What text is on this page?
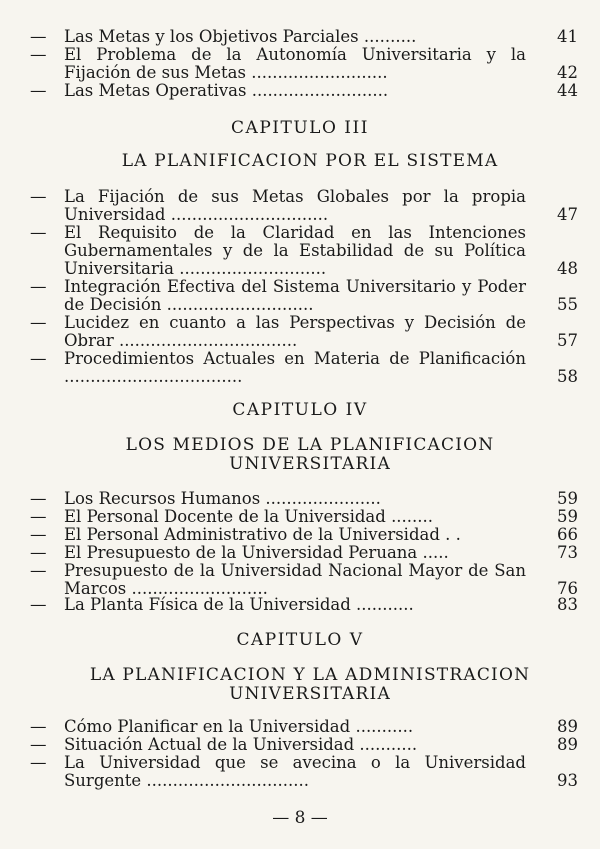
— Las Metas y los Objetivos Parciales ..........	41
— El Problema de la Autonomía Universitaria y la Fijación de sus Metas ..........................	42
— Las Metas Operativas ..........................	44
CAPITULO III
LA PLANIFICACION POR EL SISTEMA
— La Fijación de sus Metas Globales por la propia Universidad ..............................	47
— El Requisito de la Claridad en las Intenciones Gubernamentales y de la Estabilidad de su Política Universitaria ............................	48
— Integración Efectiva del Sistema Universitario y Poder de Decisión ............................	55
— Lucidez en cuanto a las Perspectivas y Decisión de Obrar ..................................	57
— Procedimientos Actuales en Materia de Planificación ..................................	58
CAPITULO IV
LOS MEDIOS DE LA PLANIFICACION
UNIVERSITARIA
— Los Recursos Humanos ......................	59
— El Personal Docente de la Universidad ........	59
— El Personal Administrativo de la Universidad . .	66
— El Presupuesto de la Universidad Peruana .....	73
— Presupuesto de la Universidad Nacional Mayor de San Marcos ..........................	76
— La Planta Física de la Universidad ...........	83
CAPITULO V
LA PLANIFICACION Y LA ADMINISTRACION
UNIVERSITARIA
— Cómo Planificar en la Universidad ...........	89
— Situación Actual de la Universidad ...........	89
— La Universidad que se avecina o la Universidad Surgente ...............................	93
— 8 —
